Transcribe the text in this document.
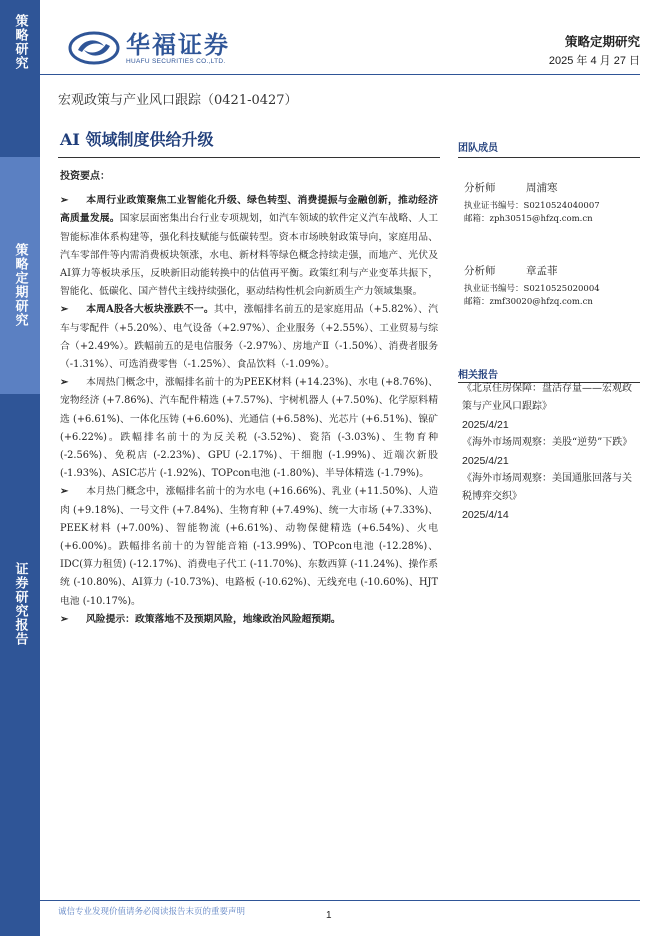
策略研究
策略定期研究
证券研究报告
华福证券
HUAFU SECURITIES CO.,LTD.
策略定期研究
2025 年 4 月 27 日
宏观政策与产业风口跟踪（0421-0427）
AI 领域制度供给升级	团队成员
投资要点：

➢ 本周行业政策聚焦工业智能化升级、绿色转型、消费提振与金融创新，推动经济高质量发展。国家层面密集出台行业专项规划，如汽车领域的软件定义汽车战略、人工智能标准体系构建等，强化科技赋能与低碳转型。资本市场映射政策导向，家庭用品、汽车零部件等内需消费板块领涨，水电、新材料等绿色概念持续走强，而地产、光伏及AI算力等板块承压，反映新旧动能转换中的估值再平衡。政策红利与产业变革共振下，智能化、低碳化、国产替代主线持续强化，驱动结构性机会向新质生产力领域集聚。

➢ 本周A股各大板块涨跌不一。其中，涨幅排名前五的是家庭用品（+5.82%）、汽车与零配件（+5.20%）、电气设备（+2.97%）、企业服务（+2.55%）、工业贸易与综合（+2.49%）。跌幅前五的是电信服务（-2.97%）、房地产Ⅱ（-1.50%）、消费者服务（-1.31%）、可选消费零售（-1.25%）、食品饮料（-1.09%）。

➢ 本周热门概念中，涨幅排名前十的为PEEK材料 (+14.23%)、水电 (+8.76%)、宠物经济 (+7.86%)、汽车配件精选 (+7.57%)、宇树机器人 (+7.50%)、化学原料精选 (+6.61%)、一体化压铸 (+6.60%)、光通信 (+6.58%)、光芯片 (+6.51%)、镍矿 (+6.22%)。跌幅排名前十的为反关税 (-3.52%)、瓷箔 (-3.03%)、生物育种 (-2.56%)、免税店 (-2.23%)、GPU (-2.17%)、干细胞 (-1.99%)、近端次新股 (-1.93%)、ASIC芯片 (-1.92%)、TOPcon电池 (-1.80%)、半导体精选 (-1.79%)。

➢ 本月热门概念中，涨幅排名前十的为水电 (+16.66%)、乳业 (+11.50%)、人造肉 (+9.18%)、一号文件 (+7.84%)、生物育种 (+7.49%)、统一大市场 (+7.33%)、PEEK材料 (+7.00%)、智能物流 (+6.61%)、动物保健精选 (+6.54%)、火电 (+6.00%)。跌幅排名前十的为智能音箱 (-13.99%)、TOPcon电池 (-12.28%)、IDC(算力租赁) (-12.17%)、消费电子代工 (-11.70%)、东数西算 (-11.24%)、操作系统 (-10.80%)、AI算力 (-10.73%)、电路板 (-10.62%)、无线充电 (-10.60%)、HJT电池 (-10.17%)。

➢ 风险提示：政策落地不及预期风险，地缘政治风险超预期。

分析师	周浦寒
执业证书编号：S0210524040007
邮箱：zph30515@hfzq.com.cn
分析师	章孟菲
执业证书编号：S0210525020004
邮箱：zmf30020@hfzq.com.cn
相关报告
《北京住房保障：盘活存量——宏观政策与产业风口跟踪》
2025/4/21
《海外市场周观察：美股“逆势”下跌》
2025/4/21
《海外市场周观察：美国通胀回落与关税博弈交织》
2025/4/14
诚信专业发现价值请务必阅读报告末页的重要声明	1
